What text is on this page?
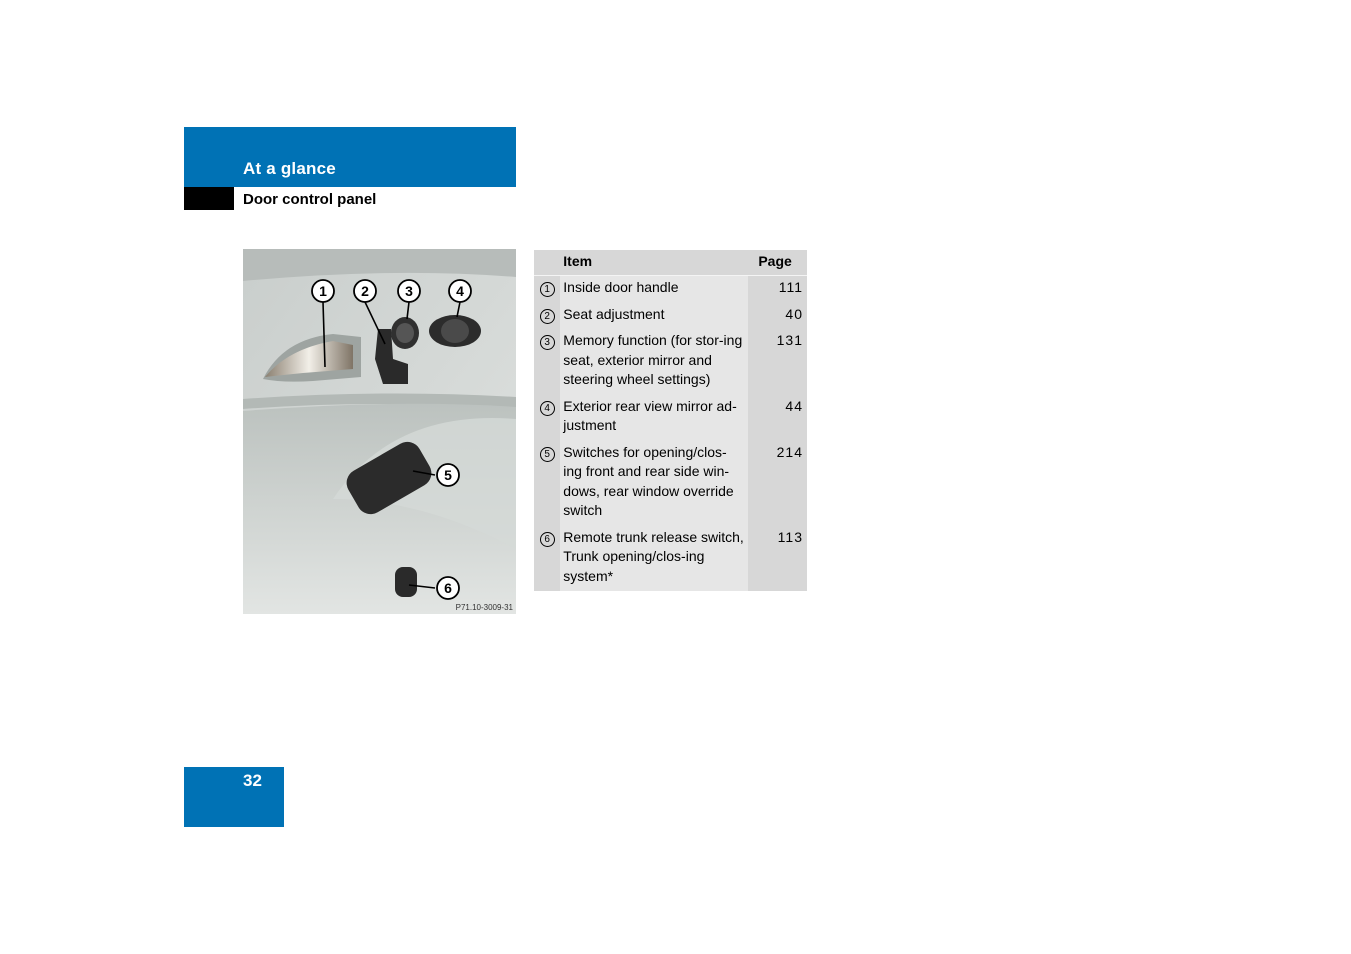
At a glance
Door control panel
1 2	3	4
5
6
P71.10-3009-31
	Item	Page
1	Inside door handle	111
2	Seat adjustment	40
3	Memory function (for stor-ing seat, exterior mirror and steering wheel settings)	131
4	Exterior rear view mirror ad-justment	44
5	Switches for opening/clos-ing front and rear side win-dows, rear window override switch	214
6	Remote trunk release switch, Trunk opening/clos-ing system*	113
32
